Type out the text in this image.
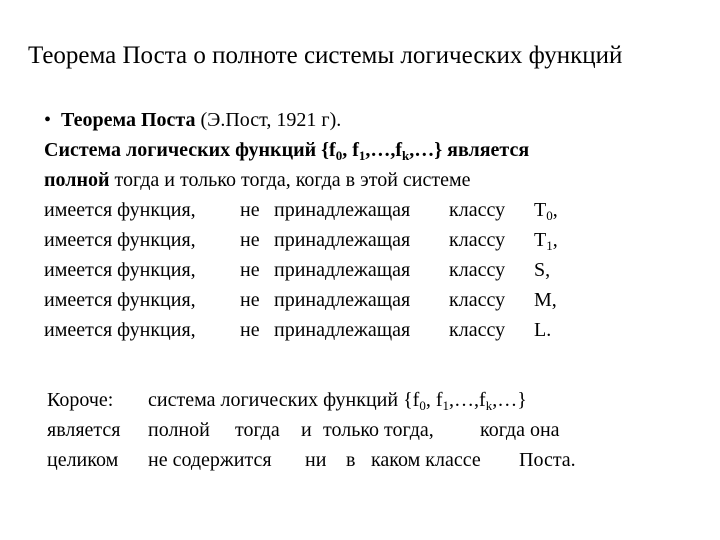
Теорема Поста о полноте системы логических функций
• Теорема Поста (Э.Пост, 1921 г).
Система логических функций {$f_0$, $f_1,\dots,f_k,\dots$} является
полной тогда и только тогда, когда в этой системе
имеется функция, не принадлежащая классу $T_0$,
имеется функция, не принадлежащая классу $T_1$,
имеется функция, не принадлежащая классу S,
имеется функция, не принадлежащая классу M,
имеется функция, не принадлежащая классу L.
Короче: система логических функций {$f_0$, $f_1,\dots,f_k,\dots$}
является полной тогда и только тогда, когда она
целиком не содержится ни в каком классе Поста.
